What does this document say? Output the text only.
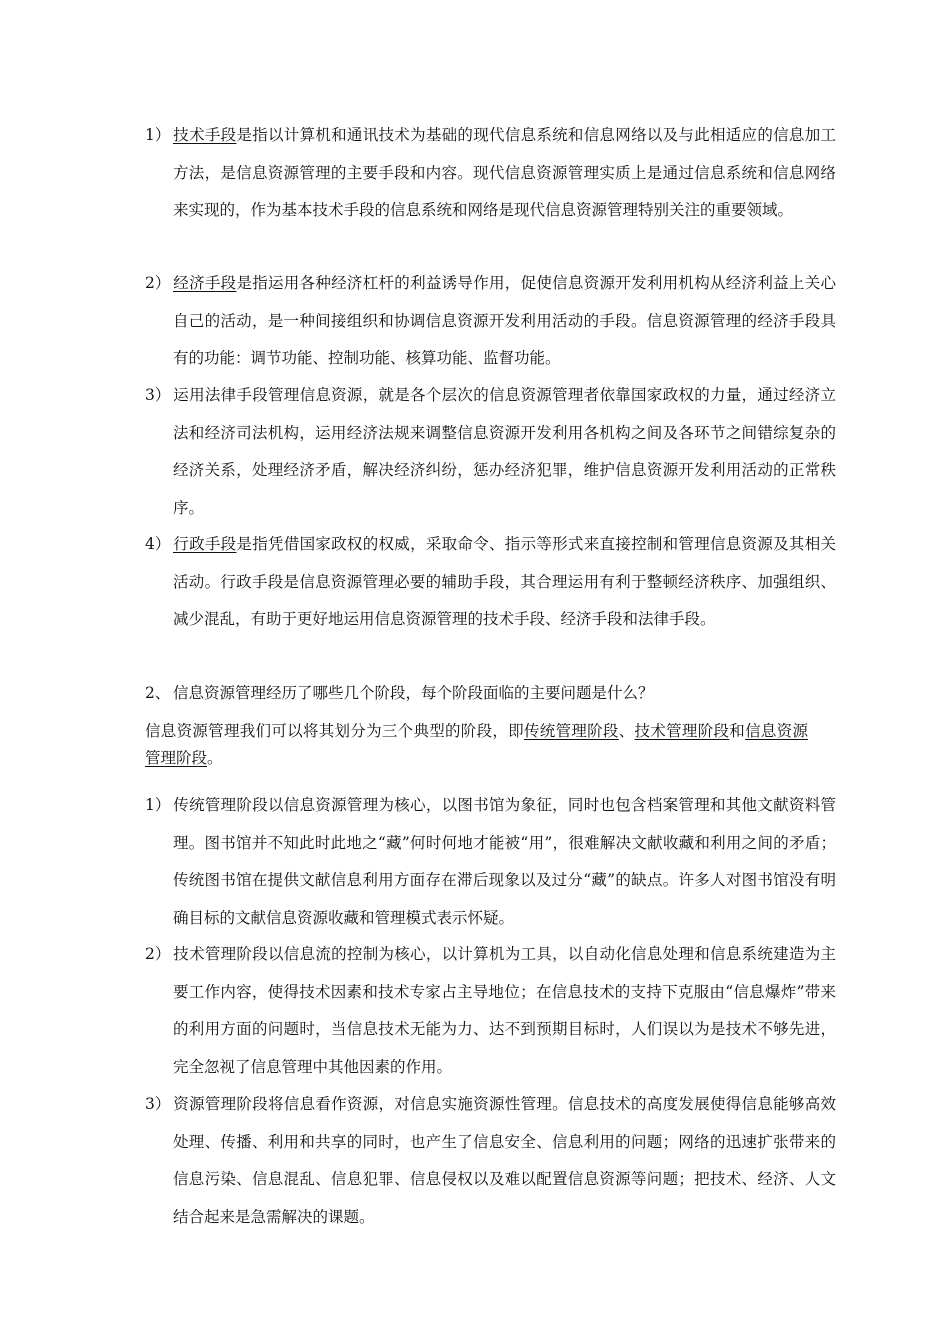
1） 技术手段是指以计算机和通讯技术为基础的现代信息系统和信息网络以及与此相适应的信息加工方法，是信息资源管理的主要手段和内容。现代信息资源管理实质上是通过信息系统和信息网络来实现的，作为基本技术手段的信息系统和网络是现代信息资源管理特别关注的重要领域。
2） 经济手段是指运用各种经济杠杆的利益诱导作用，促使信息资源开发利用机构从经济利益上关心自己的活动，是一种间接组织和协调信息资源开发利用活动的手段。信息资源管理的经济手段具有的功能：调节功能、控制功能、核算功能、监督功能。
3） 运用法律手段管理信息资源，就是各个层次的信息资源管理者依靠国家政权的力量，通过经济立法和经济司法机构，运用经济法规来调整信息资源开发利用各机构之间及各环节之间错综复杂的经济关系，处理经济矛盾，解决经济纠纷，惩办经济犯罪，维护信息资源开发利用活动的正常秩序。
4） 行政手段是指凭借国家政权的权威，采取命令、指示等形式来直接控制和管理信息资源及其相关活动。行政手段是信息资源管理必要的辅助手段，其合理运用有利于整顿经济秩序、加强组织、减少混乱，有助于更好地运用信息资源管理的技术手段、经济手段和法律手段。
2、 信息资源管理经历了哪些几个阶段，每个阶段面临的主要问题是什么？
信息资源管理我们可以将其划分为三个典型的阶段，即传统管理阶段、技术管理阶段和信息资源管理阶段。
1） 传统管理阶段以信息资源管理为核心，以图书馆为象征，同时也包含档案管理和其他文献资料管理。图书馆并不知此时此地之“藏”何时何地才能被“用”，很难解决文献收藏和利用之间的矛盾；传统图书馆在提供文献信息利用方面存在滞后现象以及过分“藏”的缺点。许多人对图书馆没有明确目标的文献信息资源收藏和管理模式表示怀疑。
2） 技术管理阶段以信息流的控制为核心，以计算机为工具，以自动化信息处理和信息系统建造为主要工作内容，使得技术因素和技术专家占主导地位；在信息技术的支持下克服由“信息爆炸”带来的利用方面的问题时，当信息技术无能为力、达不到预期目标时，人们误以为是技术不够先进，完全忽视了信息管理中其他因素的作用。
3） 资源管理阶段将信息看作资源，对信息实施资源性管理。信息技术的高度发展使得信息能够高效处理、传播、利用和共享的同时，也产生了信息安全、信息利用的问题；网络的迅速扩张带来的信息污染、信息混乱、信息犯罪、信息侵权以及难以配置信息资源等问题；把技术、经济、人文结合起来是急需解决的课题。
